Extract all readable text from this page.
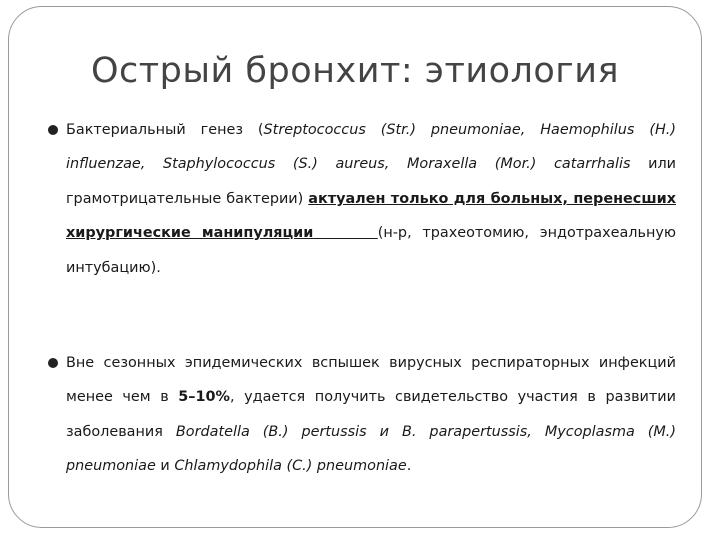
Острый бронхит: этиология
Бактериальный генез (Streptococcus (Str.) pneumoniae, Haemophilus (H.) influenzae, Staphylococcus (S.) aureus, Moraxella (Mor.) catarrhalis или грамотрицательные бактерии) актуален только для больных, перенесших хирургические манипуляции	(н-р, трахеотомию, эндотрахеальную интубацию).
Вне сезонных эпидемических вспышек вирусных респираторных инфекций менее чем в 5–10%, удается получить свидетельство участия в развитии заболевания Bordatella (B.) pertussis и B. parapertussis, Mycoplasma (M.) pneumoniae и Chlamydophila (C.) pneumoniae.
